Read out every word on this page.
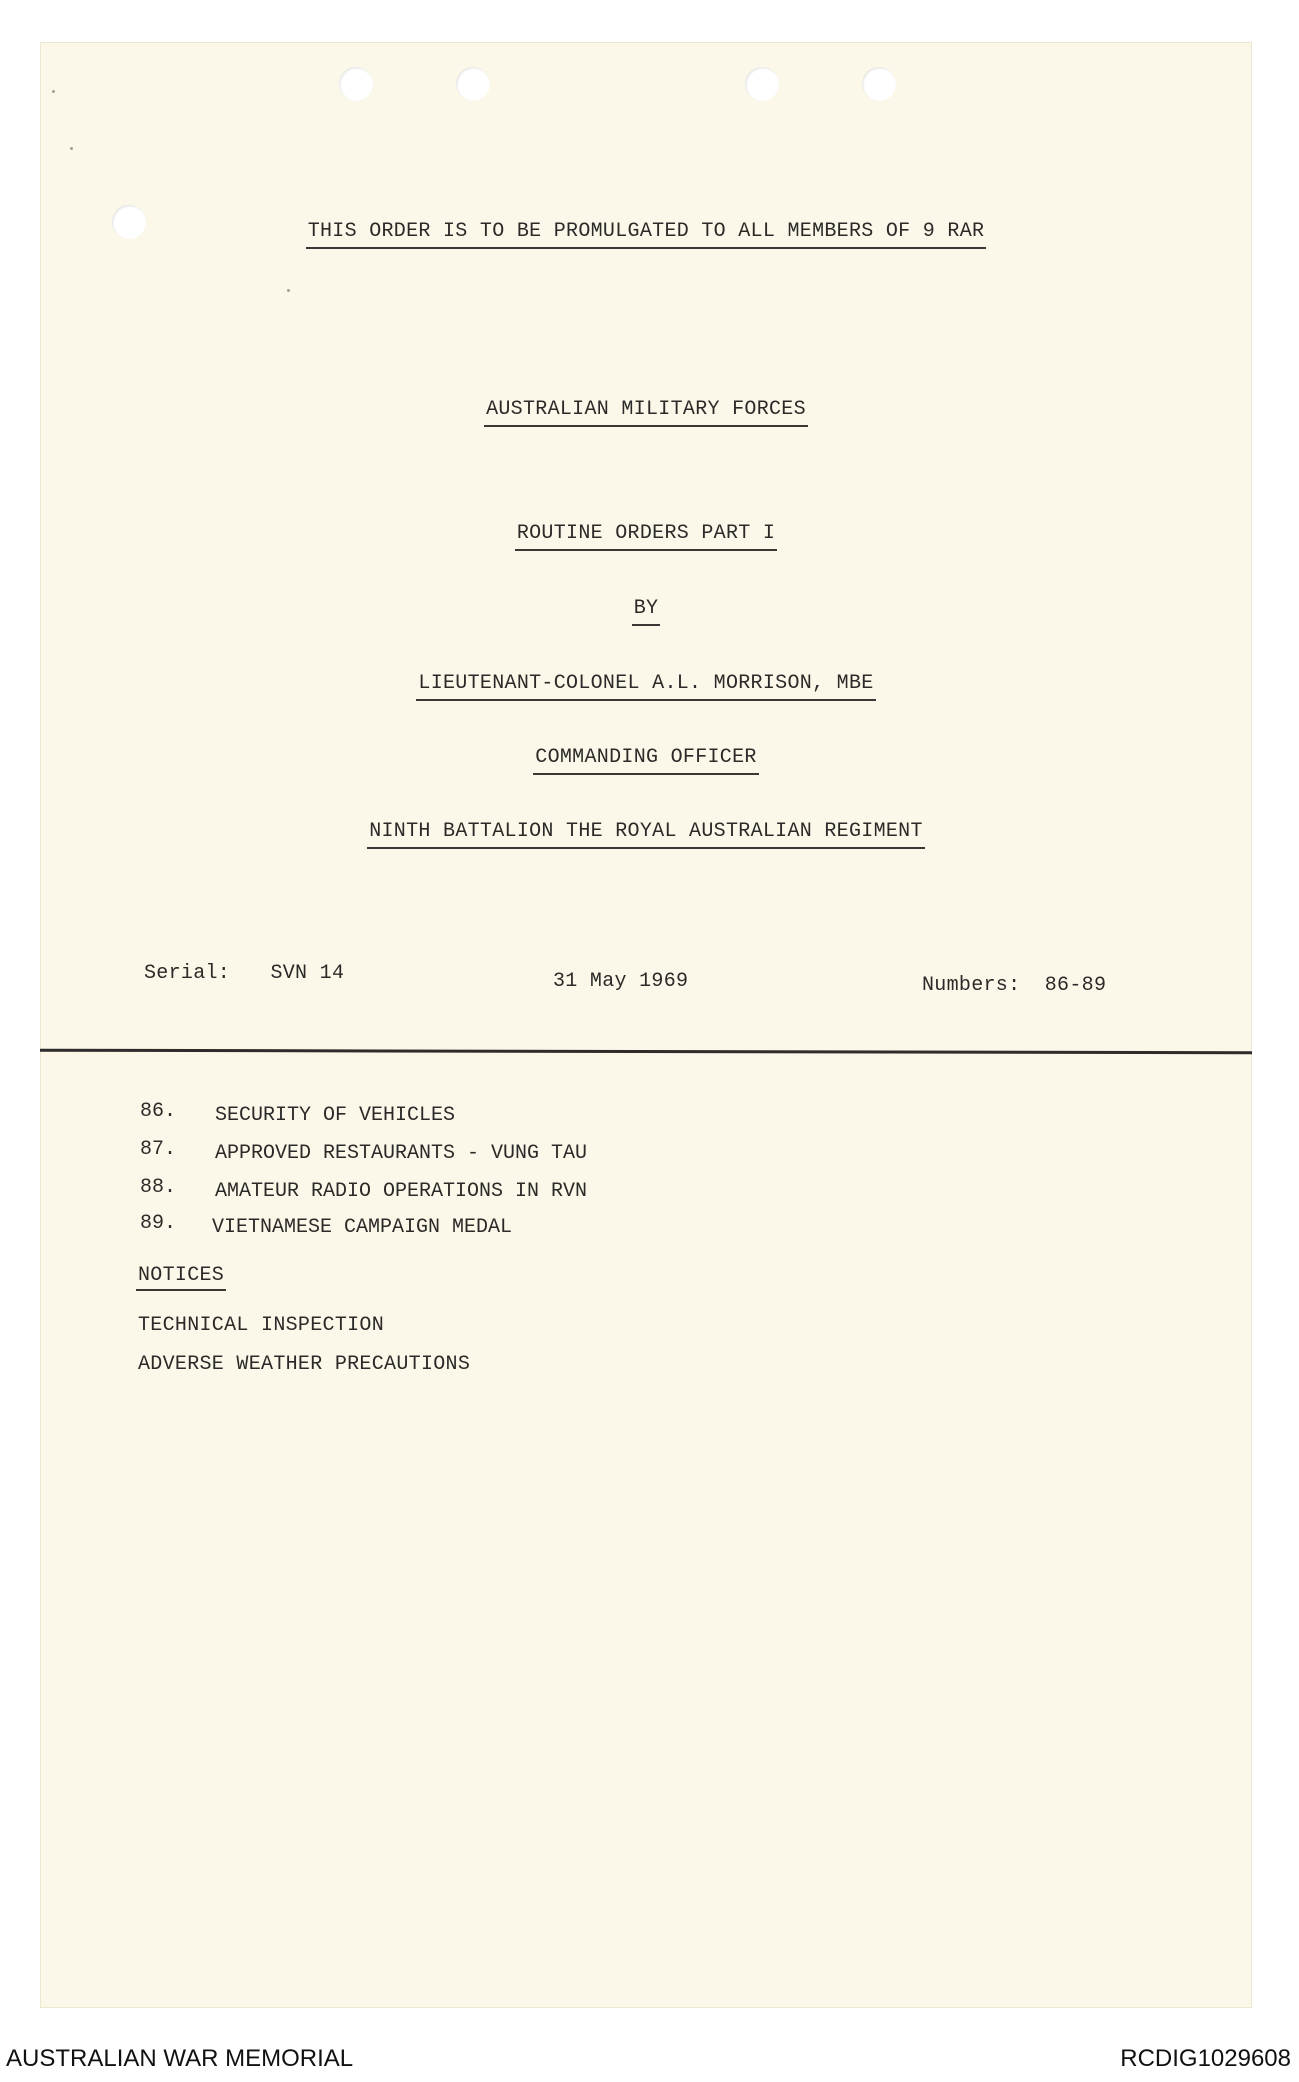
THIS ORDER IS TO BE PROMULGATED TO ALL MEMBERS OF 9 RAR
AUSTRALIAN MILITARY FORCES
ROUTINE ORDERS PART I
BY
LIEUTENANT-COLONEL A.L. MORRISON, MBE
COMMANDING OFFICER
NINTH BATTALION THE ROYAL AUSTRALIAN REGIMENT
Serial: SVN 14	31 May 1969	Numbers: 86-89
86. SECURITY OF VEHICLES
87. APPROVED RESTAURANTS - VUNG TAU
88. AMATEUR RADIO OPERATIONS IN RVN
89. VIETNAMESE CAMPAIGN MEDAL
NOTICES
TECHNICAL INSPECTION
ADVERSE WEATHER PRECAUTIONS
AUSTRALIAN WAR MEMORIAL	RCDIG1029608
